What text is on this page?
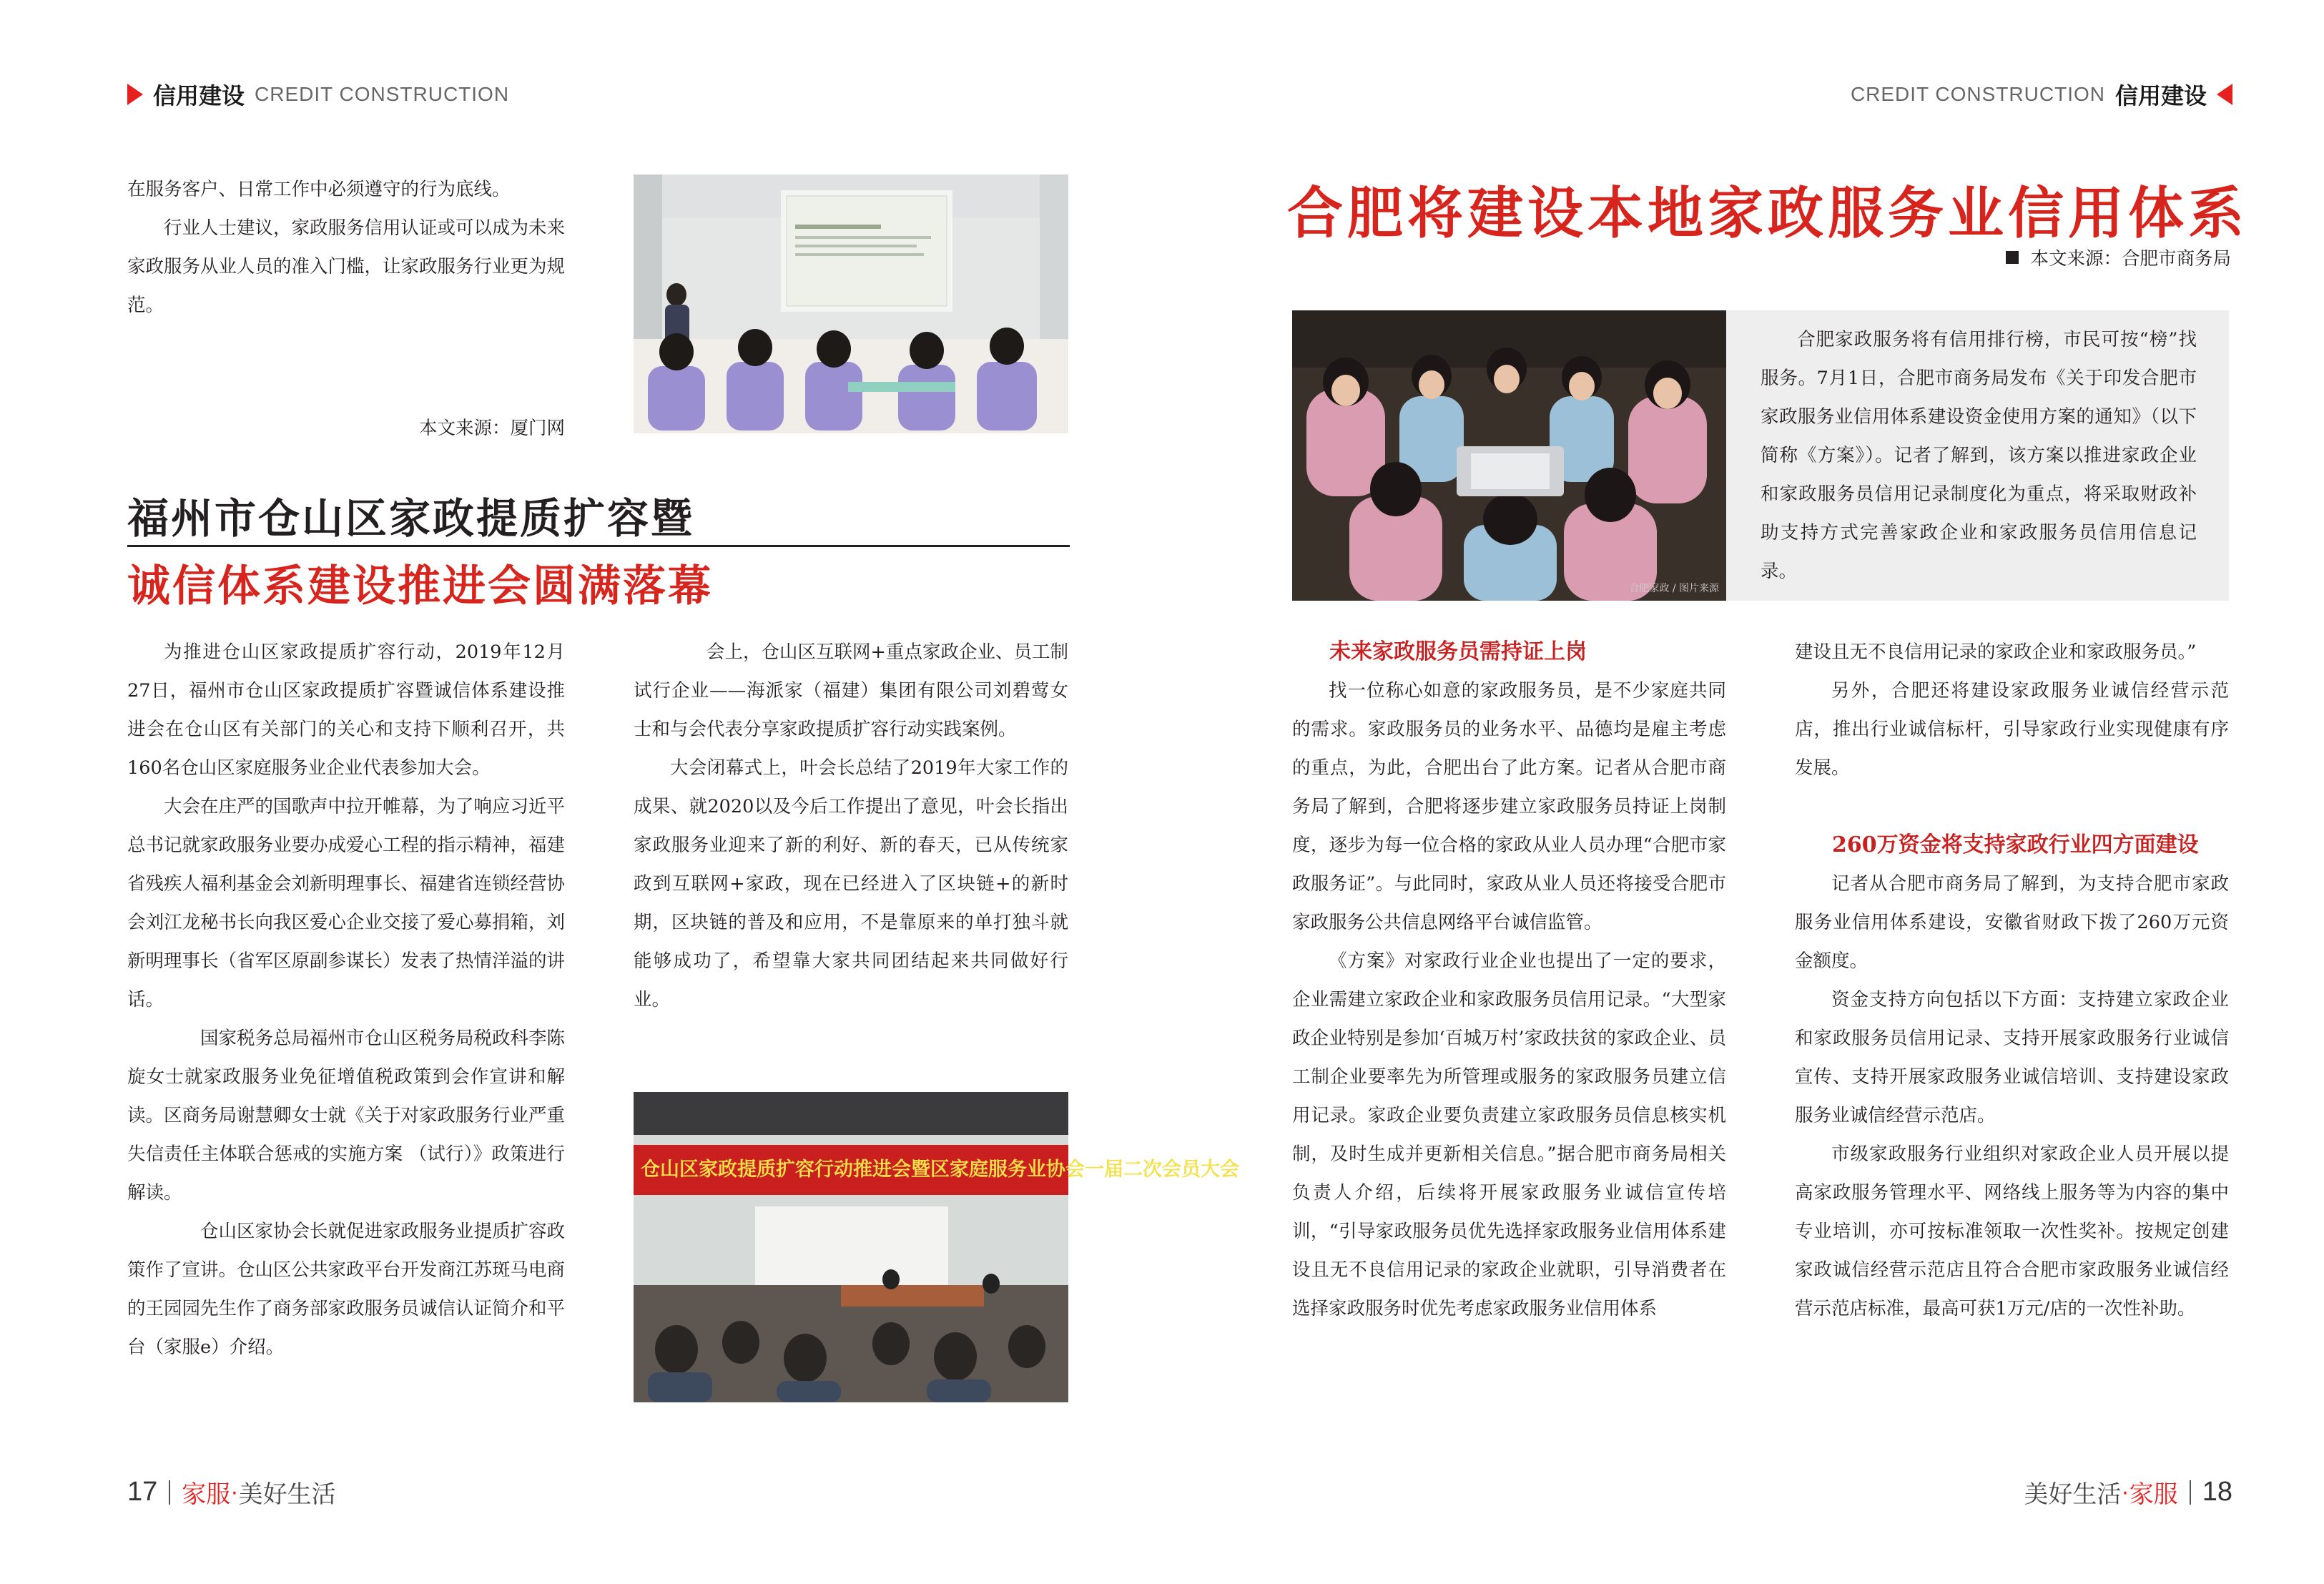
信用建设 CREDIT CONSTRUCTION

在服务客户、日常工作中必须遵守的行为底线。

行业人士建议，家政服务信用认证或可以成为未来家政服务从业人员的准入门槛，让家政服务行业更为规范。

本文来源：厦门网
福州市仓山区家政提质扩容暨
诚信体系建设推进会圆满落幕

为推进仓山区家政提质扩容行动，2019年12月27日，福州市仓山区家政提质扩容暨诚信体系建设推进会在仓山区有关部门的关心和支持下顺利召开，共160名仓山区家庭服务业企业代表参加大会。

大会在庄严的国歌声中拉开帷幕，为了响应习近平总书记就家政服务业要办成爱心工程的指示精神，福建省残疾人福利基金会刘新明理事长、福建省连锁经营协会刘江龙秘书长向我区爱心企业交接了爱心募捐箱，刘新明理事长（省军区原副参谋长）发表了热情洋溢的讲话。

国家税务总局福州市仓山区税务局税政科李陈旋女士就家政服务业免征增值税政策到会作宣讲和解读。区商务局谢慧卿女士就《关于对家政服务行业严重失信责任主体联合惩戒的实施方案 （试行）》政策进行解读。

仓山区家协会长就促进家政服务业提质扩容政策作了宣讲。仓山区公共家政平台开发商江苏斑马电商的王园园先生作了商务部家政服务员诚信认证简介和平台（家服e）介绍。

会上，仓山区互联网+重点家政企业、员工制试行企业——海派家（福建）集团有限公司刘碧莺女士和与会代表分享家政提质扩容行动实践案例。

大会闭幕式上，叶会长总结了2019年大家工作的成果、就2020以及今后工作提出了意见，叶会长指出家政服务业迎来了新的利好、新的春天，已从传统家政到互联网+家政，现在已经进入了区块链+的新时期，区块链的普及和应用，不是靠原来的单打独斗就能够成功了，希望靠大家共同团结起来共同做好行业。

仓山区家政提质扩容行动推进会暨区家庭服务业协会一届二次会员大会
17 家服 · 美好生活
CREDIT CONSTRUCTION 信用建设
合肥将建设本地家政服务业信用体系
本文来源：合肥市商务局
合肥家政 / 图片来源

合肥家政服务将有信用排行榜，市民可按“榜”找服务。7月1日，合肥市商务局发布《关于印发合肥市家政服务业信用体系建设资金使用方案的通知》（以下简称《方案》）。记者了解到，该方案以推进家政企业和家政服务员信用记录制度化为重点，将采取财政补助支持方式完善家政企业和家政服务员信用信息记录。

未来家政服务员需持证上岗

找一位称心如意的家政服务员，是不少家庭共同的需求。家政服务员的业务水平、品德均是雇主考虑的重点，为此，合肥出台了此方案。记者从合肥市商务局了解到，合肥将逐步建立家政服务员持证上岗制度，逐步为每一位合格的家政从业人员办理“合肥市家政服务证”。与此同时，家政从业人员还将接受合肥市家政服务公共信息网络平台诚信监管。

《方案》对家政行业企业也提出了一定的要求，企业需建立家政企业和家政服务员信用记录。“大型家政企业特别是参加‘百城万村’家政扶贫的家政企业、员工制企业要率先为所管理或服务的家政服务员建立信用记录。家政企业要负责建立家政服务员信息核实机制，及时生成并更新相关信息。”据合肥市商务局相关负责人介绍，后续将开展家政服务业诚信宣传培训，“引导家政服务员优先选择家政服务业信用体系建设且无不良信用记录的家政企业就职，引导消费者在选择家政服务时优先考虑家政服务业信用体系

建设且无不良信用记录的家政企业和家政服务员。”

另外，合肥还将建设家政服务业诚信经营示范店，推出行业诚信标杆，引导家政行业实现健康有序发展。

260万资金将支持家政行业四方面建设

记者从合肥市商务局了解到，为支持合肥市家政服务业信用体系建设，安徽省财政下拨了260万元资金额度。

资金支持方向包括以下方面：支持建立家政企业和家政服务员信用记录、支持开展家政服务行业诚信宣传、支持开展家政服务业诚信培训、支持建设家政服务业诚信经营示范店。

市级家政服务行业组织对家政企业人员开展以提高家政服务管理水平、网络线上服务等为内容的集中专业培训，亦可按标准领取一次性奖补。按规定创建家政诚信经营示范店且符合合肥市家政服务业诚信经营示范店标准，最高可获1万元/店的一次性补助。

美好生活 · 家服 18
